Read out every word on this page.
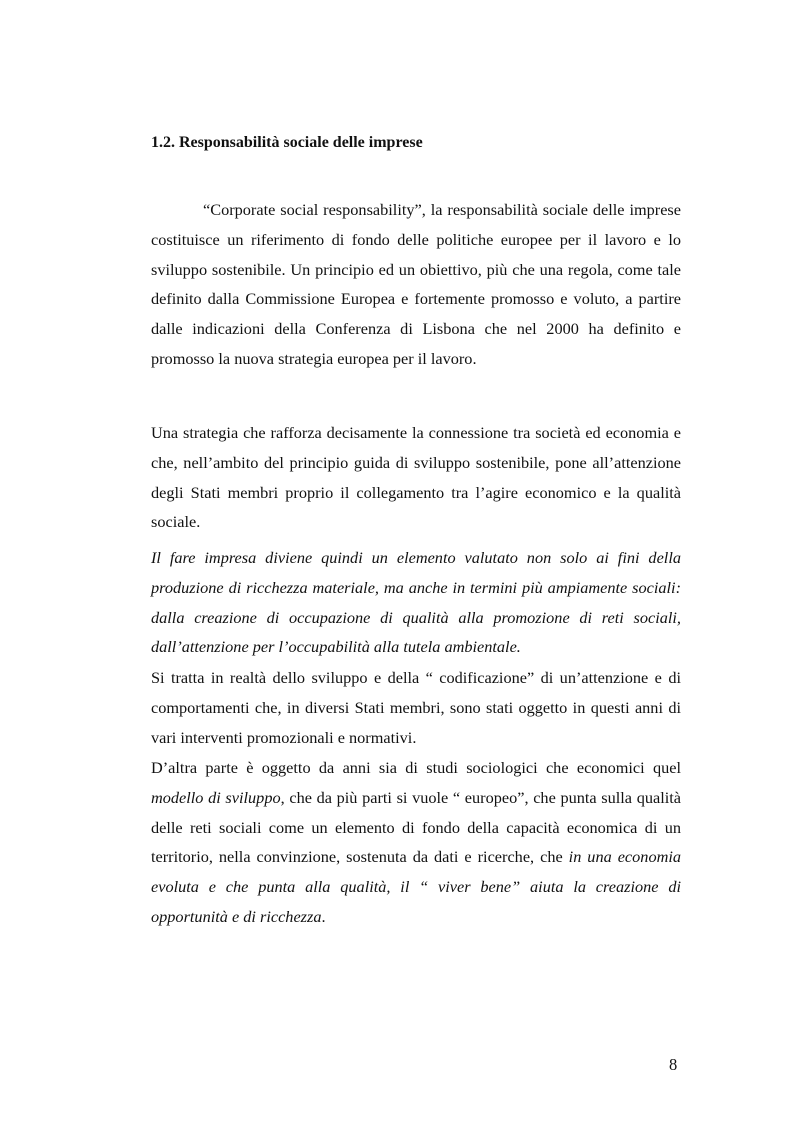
1.2. Responsabilità sociale delle imprese

“Corporate social responsability”, la responsabilità sociale delle imprese costituisce un riferimento di fondo delle politiche europee per il lavoro e lo sviluppo sostenibile. Un principio ed un obiettivo, più che una regola, come tale definito dalla Commissione Europea e fortemente promosso e voluto, a partire dalle indicazioni della Conferenza di Lisbona che nel 2000 ha definito e promosso la nuova strategia europea per il lavoro.

Una strategia che rafforza decisamente la connessione tra società ed economia e che, nell’ambito del principio guida di sviluppo sostenibile, pone all’attenzione degli Stati membri proprio il collegamento tra l’agire economico e la qualità sociale.

Il fare impresa diviene quindi un elemento valutato non solo ai fini della produzione di ricchezza materiale, ma anche in termini più ampiamente sociali: dalla creazione di occupazione di qualità alla promozione di reti sociali, dall’attenzione per l’occupabilità alla tutela ambientale.

Si tratta in realtà dello sviluppo e della “ codificazione” di un’attenzione e di comportamenti che, in diversi Stati membri, sono stati oggetto in questi anni di vari interventi promozionali e normativi.

D’altra parte è oggetto da anni sia di studi sociologici che economici quel modello di sviluppo, che da più parti si vuole “ europeo”, che punta sulla qualità delle reti sociali come un elemento di fondo della capacità economica di un territorio, nella convinzione, sostenuta da dati e ricerche, che in una economia evoluta e che punta alla qualità, il “ viver bene” aiuta la creazione di opportunità e di ricchezza.

8
